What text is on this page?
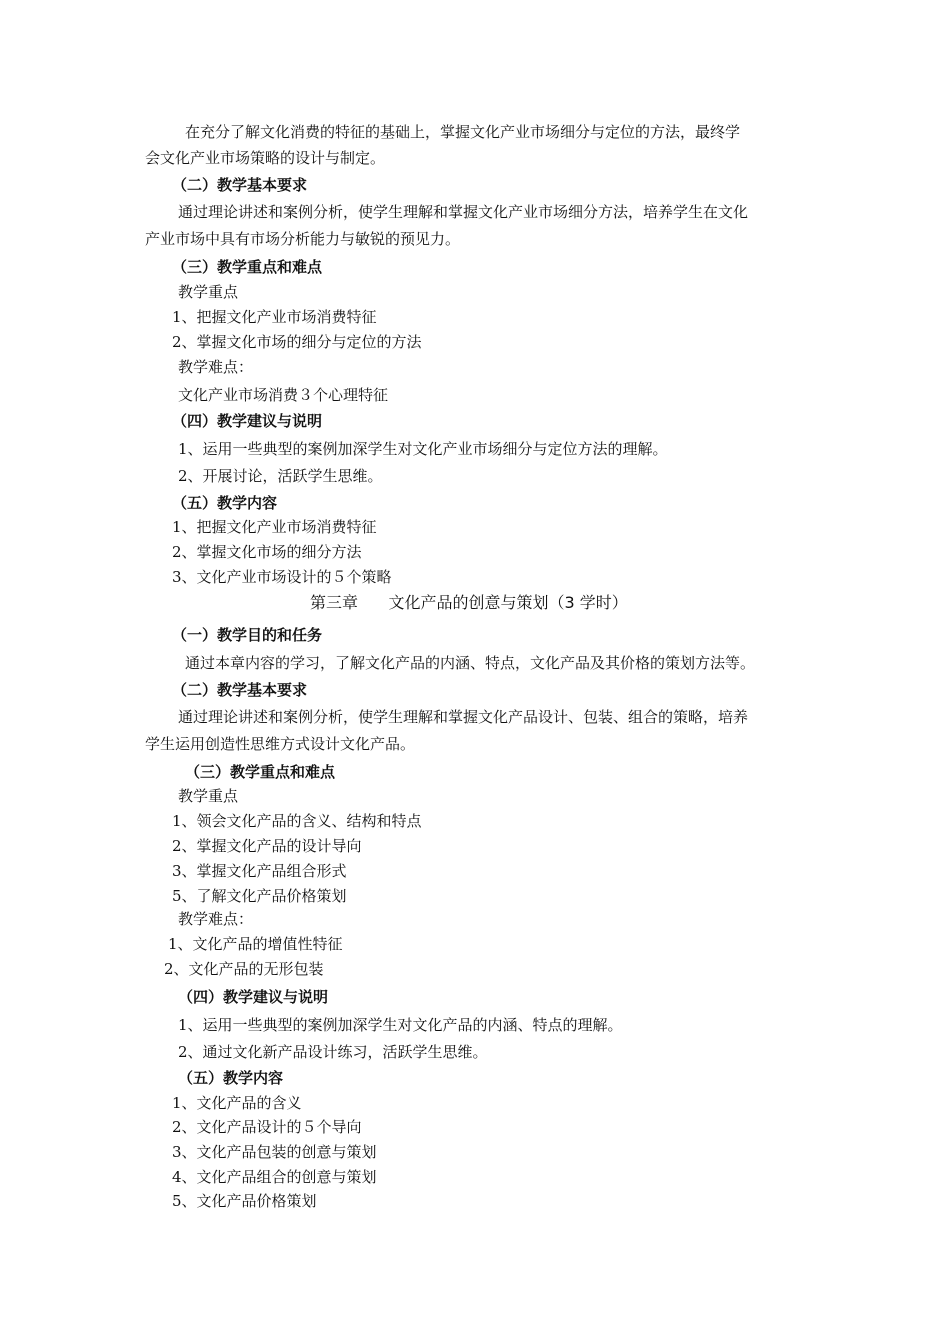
在充分了解文化消费的特征的基础上，掌握文化产业市场细分与定位的方法，最终学
会文化产业市场策略的设计与制定。
（二）教学基本要求
通过理论讲述和案例分析，使学生理解和掌握文化产业市场细分方法，培养学生在文化
产业市场中具有市场分析能力与敏锐的预见力。
（三）教学重点和难点
教学重点
1、把握文化产业市场消费特征
2、掌握文化市场的细分与定位的方法
教学难点：
文化产业市场消费３个心理特征
（四）教学建议与说明
1、运用一些典型的案例加深学生对文化产业市场细分与定位方法的理解。
2、开展讨论，活跃学生思维。
（五）教学内容
1、把握文化产业市场消费特征
2、掌握文化市场的细分方法
3、文化产业市场设计的５个策略
第三章      文化产品的创意与策划（3 学时）
（一）教学目的和任务
通过本章内容的学习，了解文化产品的内涵、特点，文化产品及其价格的策划方法等。
（二）教学基本要求
通过理论讲述和案例分析，使学生理解和掌握文化产品设计、包装、组合的策略，培养
学生运用创造性思维方式设计文化产品。
（三）教学重点和难点
教学重点
1、领会文化产品的含义、结构和特点
2、掌握文化产品的设计导向
3、掌握文化产品组合形式
5、了解文化产品价格策划
教学难点：
1、文化产品的增值性特征
2、文化产品的无形包装
（四）教学建议与说明
1、运用一些典型的案例加深学生对文化产品的内涵、特点的理解。
2、通过文化新产品设计练习，活跃学生思维。
（五）教学内容
1、文化产品的含义
2、文化产品设计的５个导向
3、文化产品包装的创意与策划
4、文化产品组合的创意与策划
5、文化产品价格策划
